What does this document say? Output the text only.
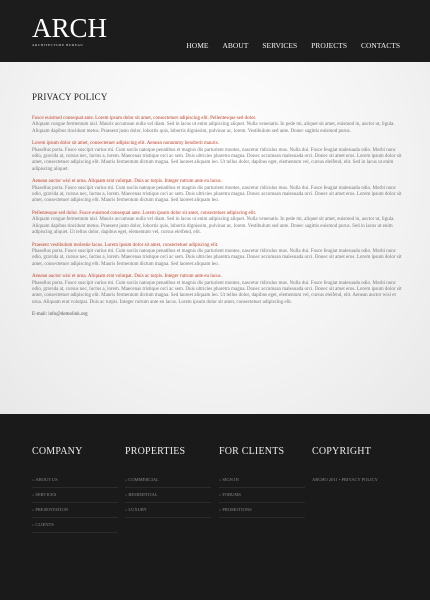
ARCH
ARCHITECTURE BUREAU	HOME ABOUT SERVICES PROJECTS CONTACTS
PRIVACY POLICY
Fusce euismod consequat ante. Lorem ipsum dolor sit amet, consectetuer adipiscing elit. Pellentesque sed dolor.
Aliquam congue fermentum nisl. Mauris accumsan nulla vel diam. Sed in lacus ut enim adipiscing aliquet. Nulla venenatis. In pede mi, aliquet sit amet, euismod in, auctor ut, ligula. Aliquam dapibus tincidunt metus. Praesent justo dolor, lobortis quis, lobortis dignissim, pulvinar ac, lorem. Vestibulum sed ante. Donec sagittis euismod purus.
Lorem ipsum dolor sit amet, consectetuer adipiscing elit. Aenean nonummy hendrerit mauris.
Phasellus porta. Fusce suscipit varius mi. Cum sociis natoque penatibus et magnis dis parturient montes, nascetur ridiculus mus. Nulla dui. Fusce feugiat malesuada odio. Morbi nunc odio, gravida at, cursus nec, luctus a, lorem. Maecenas tristique orci ac sem. Duis ultricies pharetra magna. Donec accumsan malesuada orci. Donec sit amet eros. Lorem ipsum dolor sit amet, consectetuer adipiscing elit. Mauris fermentum dictum magna. Sed laoreet aliquam leo. Ut tellus dolor, dapibus eget, elementum vel, cursus eleifend, elit. Sed in lacus ut enim adipiscing aliquet.
Aenean auctor wisi et urna. Aliquam erat volutpat. Duis ac turpis. Integer rutrum ante eu lacus.
Phasellus porta. Fusce suscipit varius mi. Cum sociis natoque penatibus et magnis dis parturient montes, nascetur ridiculus mus. Nulla dui. Fusce feugiat malesuada odio. Morbi nunc odio, gravida at, cursus nec, luctus a, lorem. Maecenas tristique orci ac sem. Duis ultricies pharetra magna. Donec accumsan malesuada orci. Donec sit amet eros. Lorem ipsum dolor sit amet, consectetuer adipiscing elit. Mauris fermentum dictum magna. Sed laoreet aliquam leo.
Pellentesque sed dolor. Fusce euismod consequat ante. Lorem ipsum dolor sit amet, consectetuer adipiscing elit.
Aliquam congue fermentum nisl. Mauris accumsan nulla vel diam. Sed in lacus ut enim adipiscing aliquet. Nulla venenatis. In pede mi, aliquet sit amet, euismod in, auctor ut, ligula. Aliquam dapibus tincidunt metus. Praesent justo dolor, lobortis quis, lobortis dignissim, pulvinar ac, lorem. Vestibulum sed ante. Donec sagittis euismod purus. Sed in lacus ut enim adipiscing aliquet. Ut tellus dolor, dapibus eget, elementum vel, cursus eleifend, elit.
Praesent vestibulum molestie lacus. Lorem ipsum dolor sit amet, consectetuer adipiscing elit.
Phasellus porta. Fusce suscipit varius mi. Cum sociis natoque penatibus et magnis dis parturient montes, nascetur ridiculus mus. Nulla dui. Fusce feugiat malesuada odio. Morbi nunc odio, gravida at, cursus nec, luctus a, lorem. Maecenas tristique orci ac sem. Duis ultricies pharetra magna. Donec accumsan malesuada orci. Donec sit amet eros. Lorem ipsum dolor sit amet, consectetuer adipiscing elit. Mauris fermentum dictum magna. Sed laoreet aliquam leo.
Aenean auctor wisi et urna. Aliquam erat volutpat. Duis ac turpis. Integer rutrum ante eu lacus.
Phasellus porta. Fusce suscipit varius mi. Cum sociis natoque penatibus et magnis dis parturient montes, nascetur ridiculus mus. Nulla dui. Fusce feugiat malesuada odio. Morbi nunc odio, gravida at, cursus nec, luctus a, lorem. Maecenas tristique orci ac sem. Duis ultricies pharetra magna. Donec accumsan malesuada orci. Donec sit amet eros. Lorem ipsum dolor sit amet, consectetuer adipiscing elit. Mauris fermentum dictum magna. Sed laoreet aliquam leo. Ut tellus dolor, dapibus eget, elementum vel, cursus eleifend, elit. Aenean auctor wisi et urna. Aliquam erat volutpat. Duis ac turpis. Integer rutrum ante eu lacus. Lorem ipsum dolor sit amet, consectetuer adipiscing elit.
E-mail: info@demolink.org
COMPANY
» ABOUT US
» SERVICES
» PRESENTATION
» CLIENTS
PROPERTIES
» COMMERCIAL
» RESIDENTIAL
» LUXURY
FOR CLIENTS
» SIGN IN
» FORUMS
» PROMOTIONS
COPYRIGHT
ARCHO 2011 • PRIVACY POLICY
